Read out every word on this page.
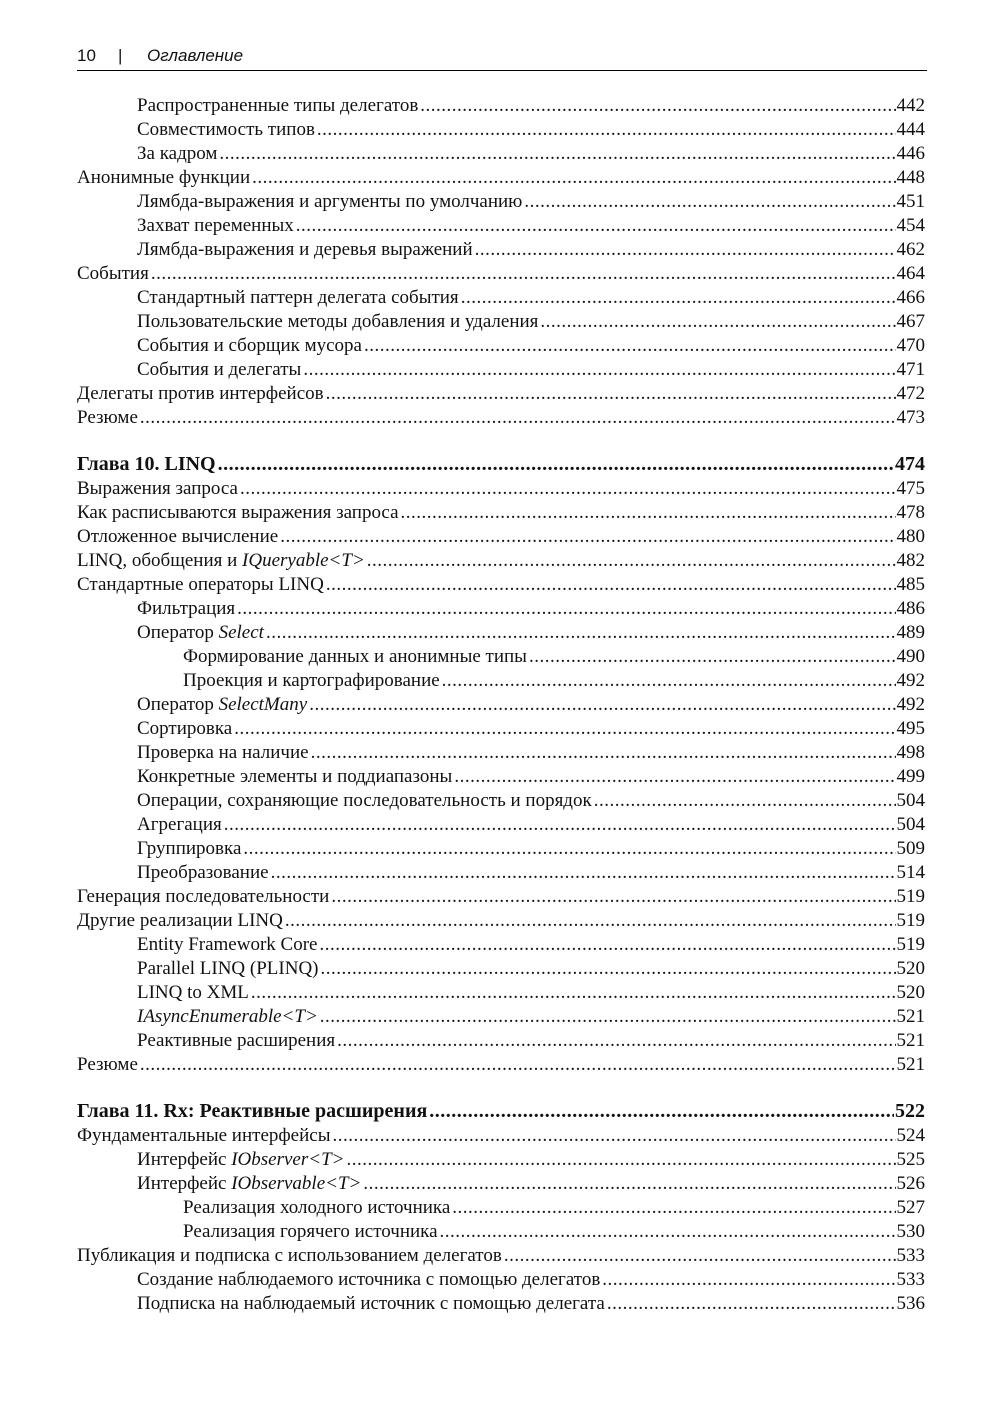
10 | Оглавление
Распространенные типы делегатов .....	442
Совместимость типов .....	444
За кадром .....	446
Анонимные функции .....	448
Лямбда-выражения и аргументы по умолчанию .....	451
Захват переменных .....	454
Лямбда-выражения и деревья выражений .....	462
События .....	464
Стандартный паттерн делегата события .....	466
Пользовательские методы добавления и удаления .....	467
События и сборщик мусора .....	470
События и делегаты .....	471
Делегаты против интерфейсов .....	472
Резюме .....	473
Глава 10. LINQ .....	474
Выражения запроса .....	475
Как расписываются выражения запроса .....	478
Отложенное вычисление .....	480
LINQ, обобщения и IQueryable<T> .....	482
Стандартные операторы LINQ .....	485
Фильтрация .....	486
Оператор Select .....	489
Формирование данных и анонимные типы .....	490
Проекция и картографирование .....	492
Оператор SelectMany .....	492
Сортировка .....	495
Проверка на наличие .....	498
Конкретные элементы и поддиапазоны .....	499
Операции, сохраняющие последовательность и порядок .....	504
Агрегация .....	504
Группировка .....	509
Преобразование .....	514
Генерация последовательности .....	519
Другие реализации LINQ .....	519
Entity Framework Core .....	519
Parallel LINQ (PLINQ) .....	520
LINQ to XML .....	520
IAsyncEnumerable<T> .....	521
Реактивные расширения .....	521
Резюме .....	521
Глава 11. Rx: Реактивные расширения .....	522
Фундаментальные интерфейсы .....	524
Интерфейс IObserver<T> .....	525
Интерфейс IObservable<T> .....	526
Реализация холодного источника .....	527
Реализация горячего источника .....	530
Публикация и подписка с использованием делегатов .....	533
Создание наблюдаемого источника с помощью делегатов .....	533
Подписка на наблюдаемый источник с помощью делегата .....	536
